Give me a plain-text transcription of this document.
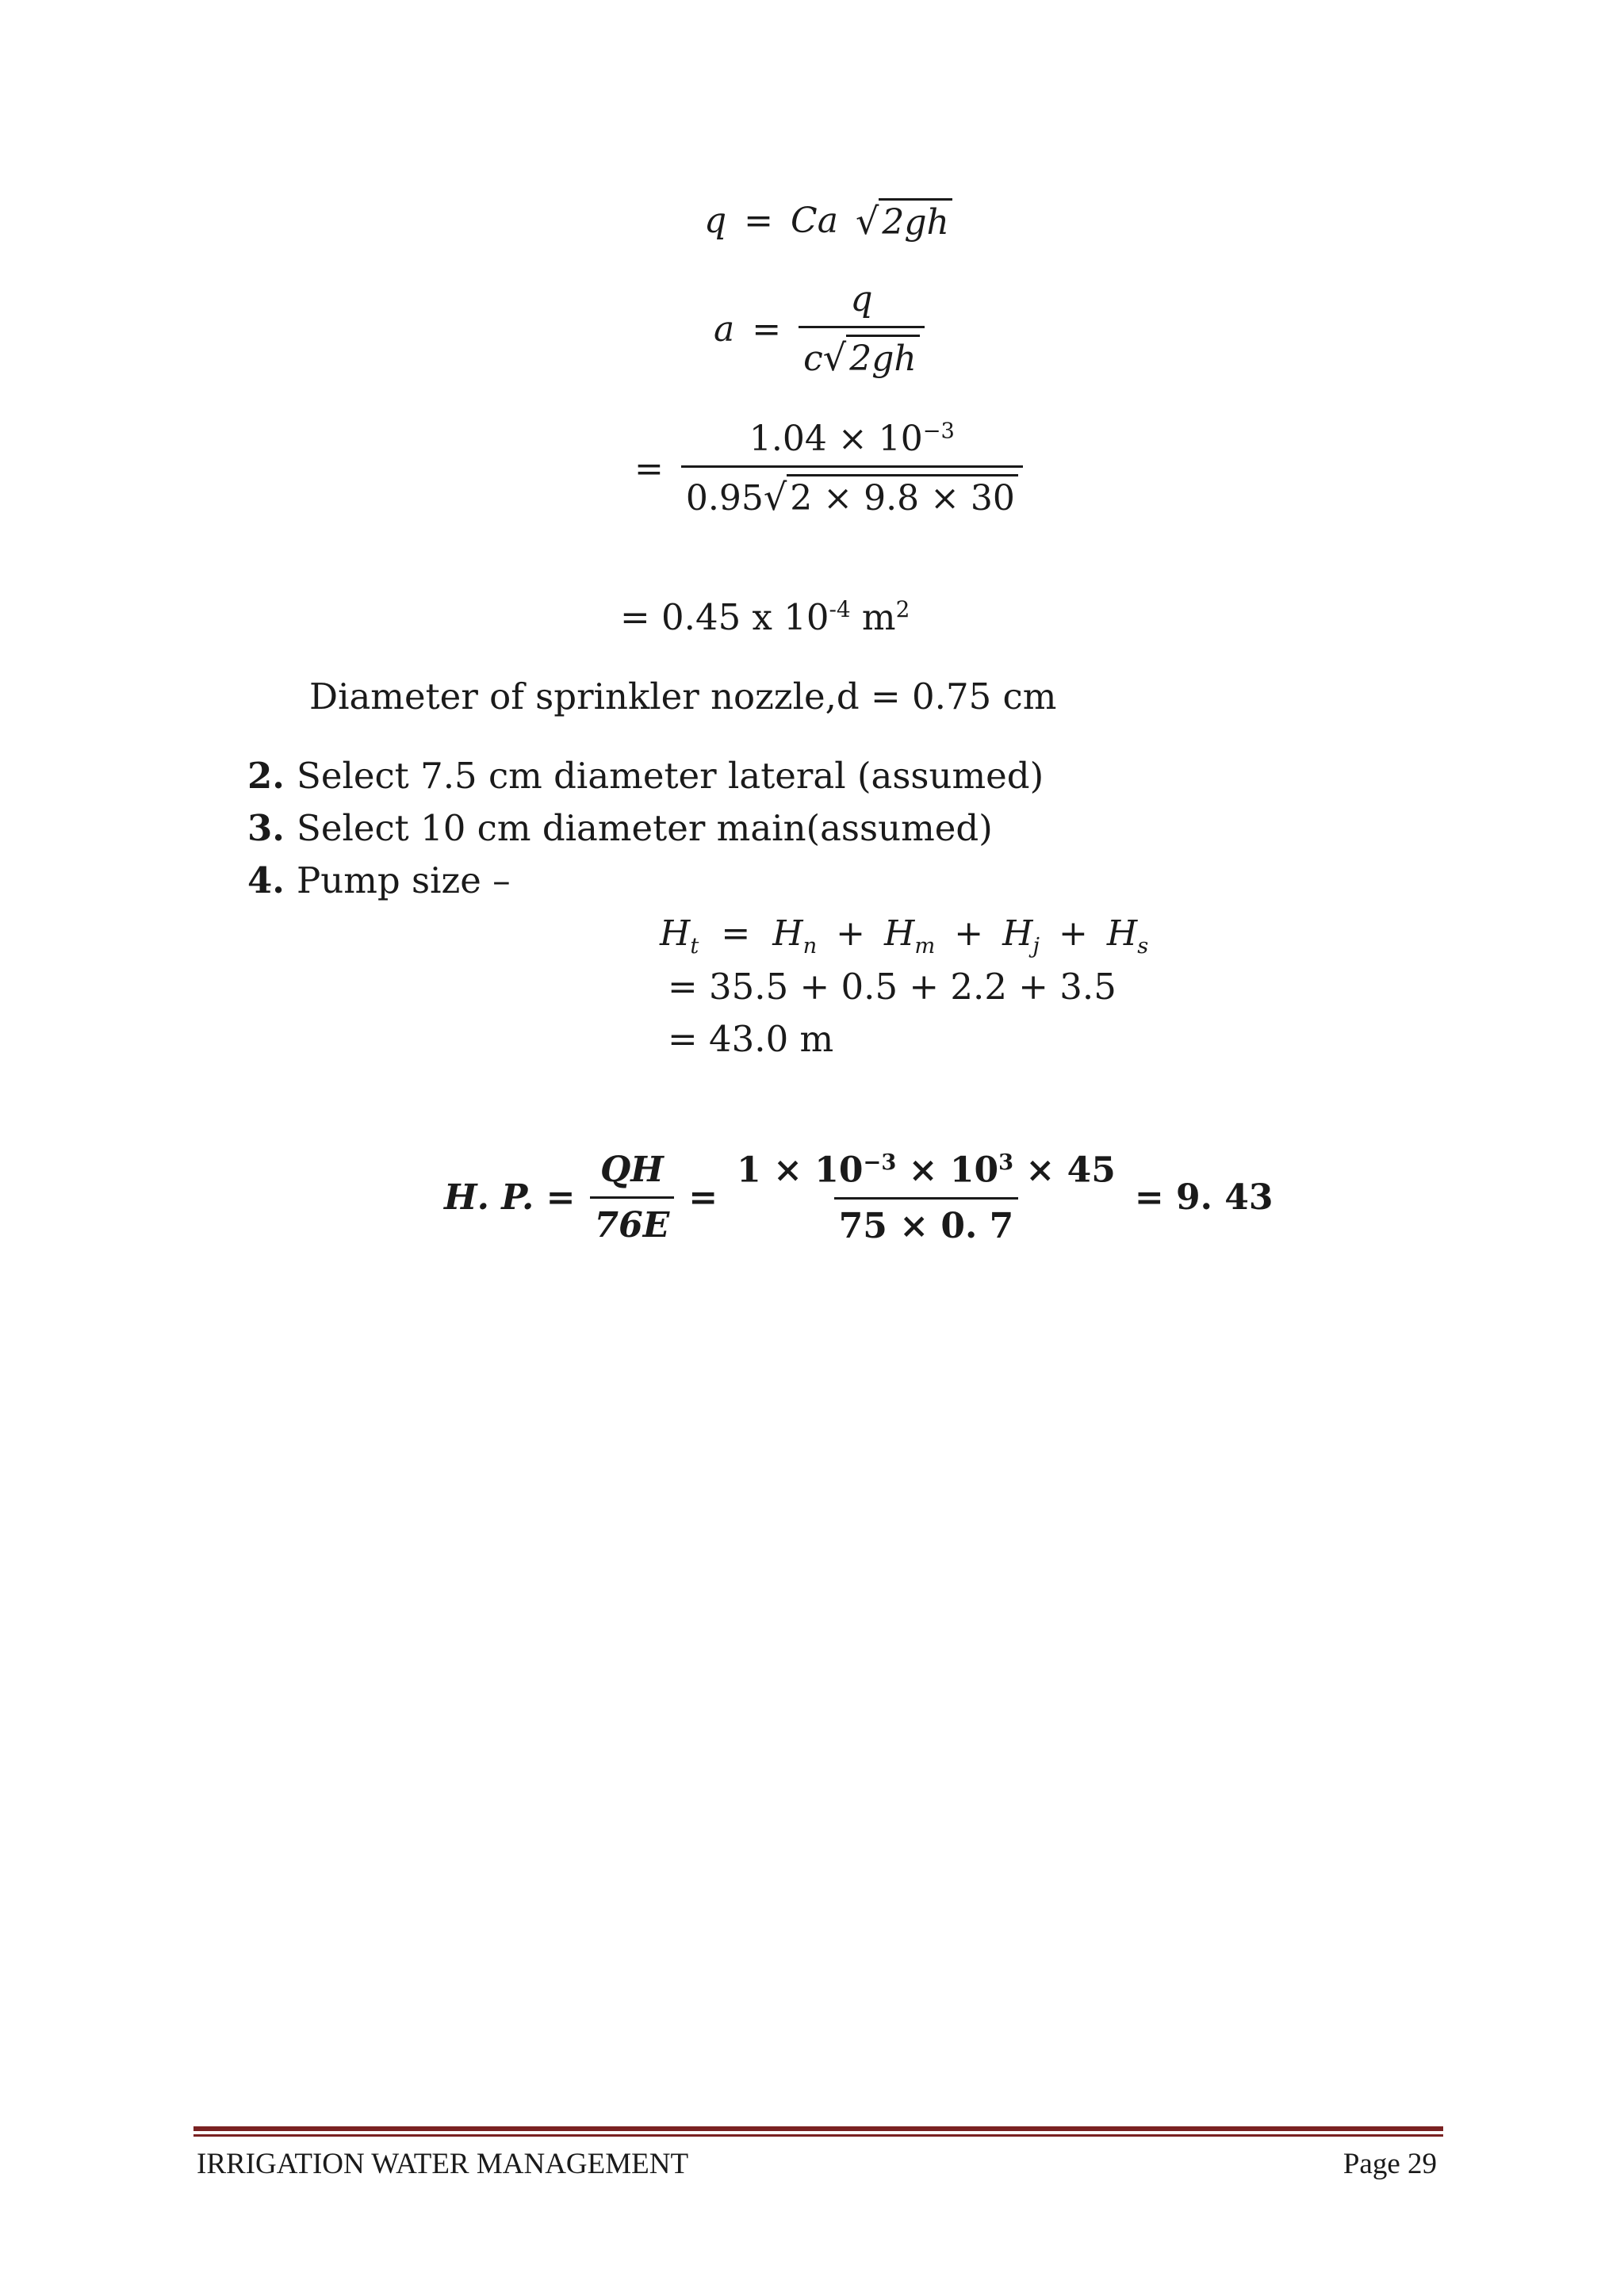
q = Ca √ 2gh
$a = \frac{q}{c √ 2gh}$
= $\frac{1.04 \times 10^{-3}}{0.95 √ 2 \times 9.8 \times 30}$
= 0.45 x $10^{-4}$ $m^2$
Diameter of sprinkler nozzle,d = 0.75 cm
2. Select 7.5 cm diameter lateral (assumed)
3. Select 10 cm diameter main(assumed)
4. Pump size –
$H_t = H_n + H_m + H_j + H_s$
= 35.5 + 0.5 + 2.2 + 3.5
= 43.0 m
H. P. = $\frac{QH}{76E} = \frac{1 \times 10^{-3} \times 10^3 \times 45}{75 \times 0. 7} = 9$. 43
IRRIGATION WATER MANAGEMENT	Page 29
